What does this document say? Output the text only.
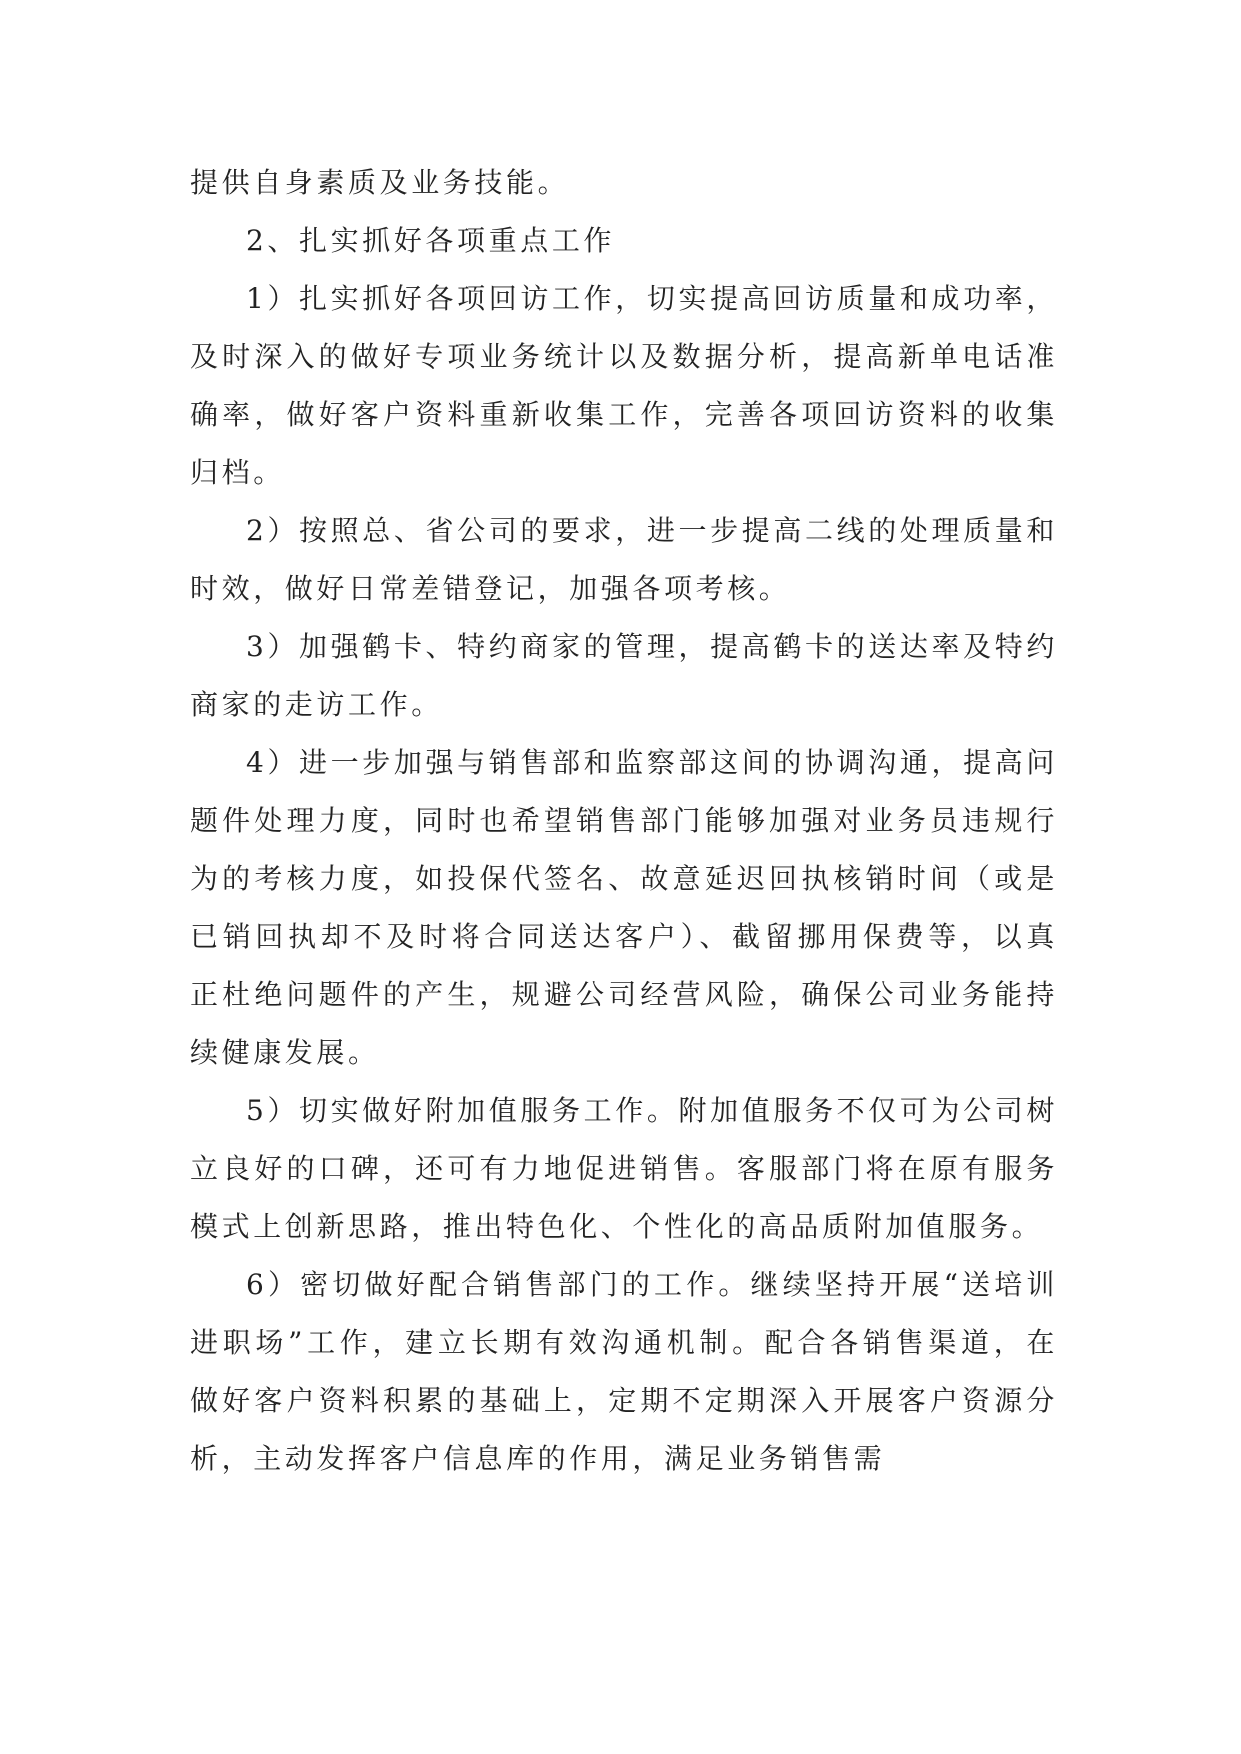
提供自身素质及业务技能。

2、扎实抓好各项重点工作

1）扎实抓好各项回访工作，切实提高回访质量和成功率，及时深入的做好专项业务统计以及数据分析，提高新单电话准确率，做好客户资料重新收集工作，完善各项回访资料的收集归档。

2）按照总、省公司的要求，进一步提高二线的处理质量和时效，做好日常差错登记，加强各项考核。

3）加强鹤卡、特约商家的管理，提高鹤卡的送达率及特约商家的走访工作。

4）进一步加强与销售部和监察部这间的协调沟通，提高问题件处理力度，同时也希望销售部门能够加强对业务员违规行为的考核力度，如投保代签名、故意延迟回执核销时间（或是已销回执却不及时将合同送达客户）、截留挪用保费等，以真正杜绝问题件的产生，规避公司经营风险，确保公司业务能持续健康发展。

5）切实做好附加值服务工作。附加值服务不仅可为公司树立良好的口碑，还可有力地促进销售。客服部门将在原有服务模式上创新思路，推出特色化、个性化的高品质附加值服务。

6）密切做好配合销售部门的工作。继续坚持开展“送培训进职场”工作，建立长期有效沟通机制。配合各销售渠道，在做好客户资料积累的基础上，定期不定期深入开展客户资源分析，主动发挥客户信息库的作用，满足业务销售需
